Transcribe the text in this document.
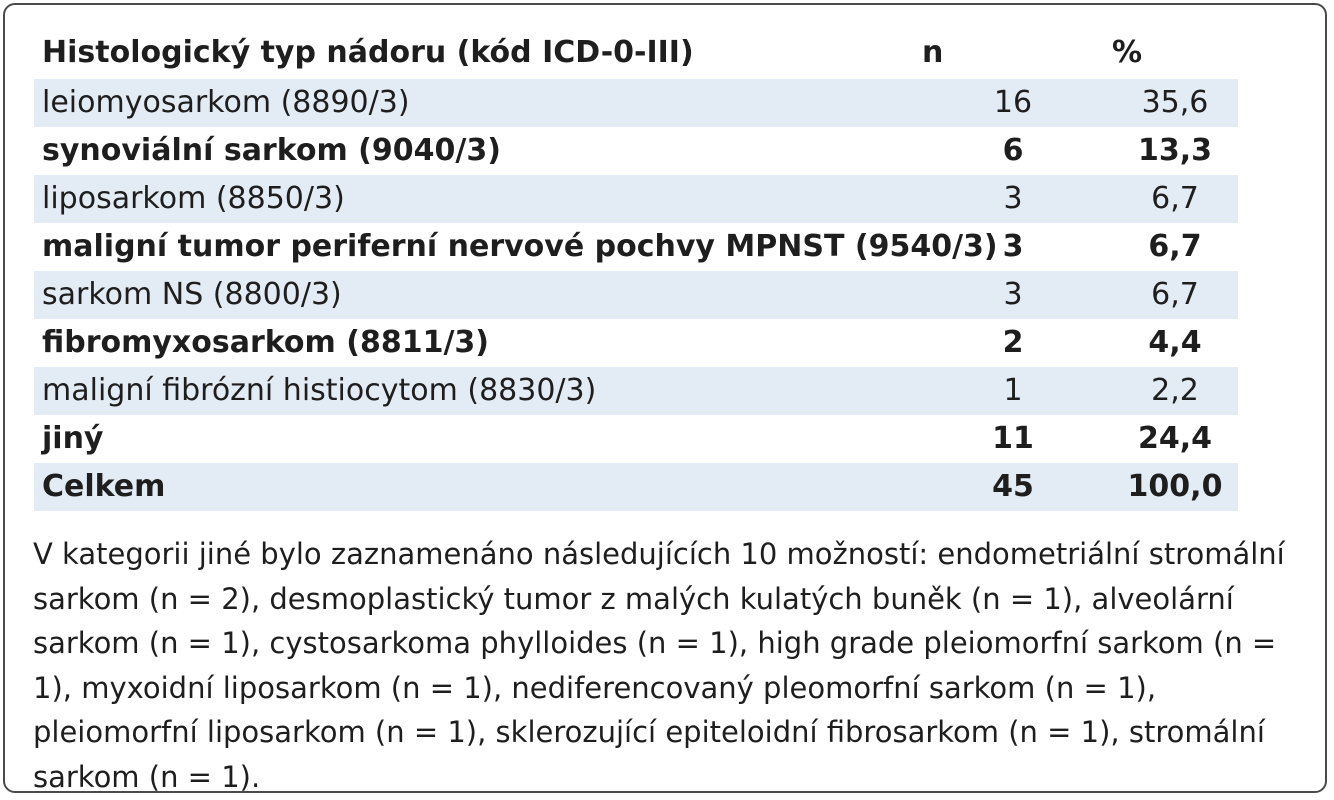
Histologický typ nádoru (kód ICD-0-III)	n	%
leiomyosarkom (8890/3)	16	35,6
synoviální sarkom (9040/3)	6	13,3
liposarkom (8850/3)	3	6,7
maligní tumor periferní nervové pochvy MPNST (9540/3)	3	6,7
sarkom NS (8800/3)	3	6,7
fibromyxosarkom (8811/3)	2	4,4
maligní fibrózní histiocytom (8830/3)	1	2,2
jiný	11	24,4
Celkem	45	100,0

V kategorii jiné bylo zaznamenáno následujících 10 možností: endometriální stromální sarkom (n = 2), desmoplastický tumor z malých kulatých buněk (n = 1), alveolární sarkom (n = 1), cystosarkoma phylloides (n = 1), high grade pleiomorfní sarkom (n = 1), myxoidní liposarkom (n = 1), nediferencovaný pleomorfní sarkom (n = 1), pleiomorfní liposarkom (n = 1), sklerozující epiteloidní fibrosarkom (n = 1), stromální sarkom (n = 1).
